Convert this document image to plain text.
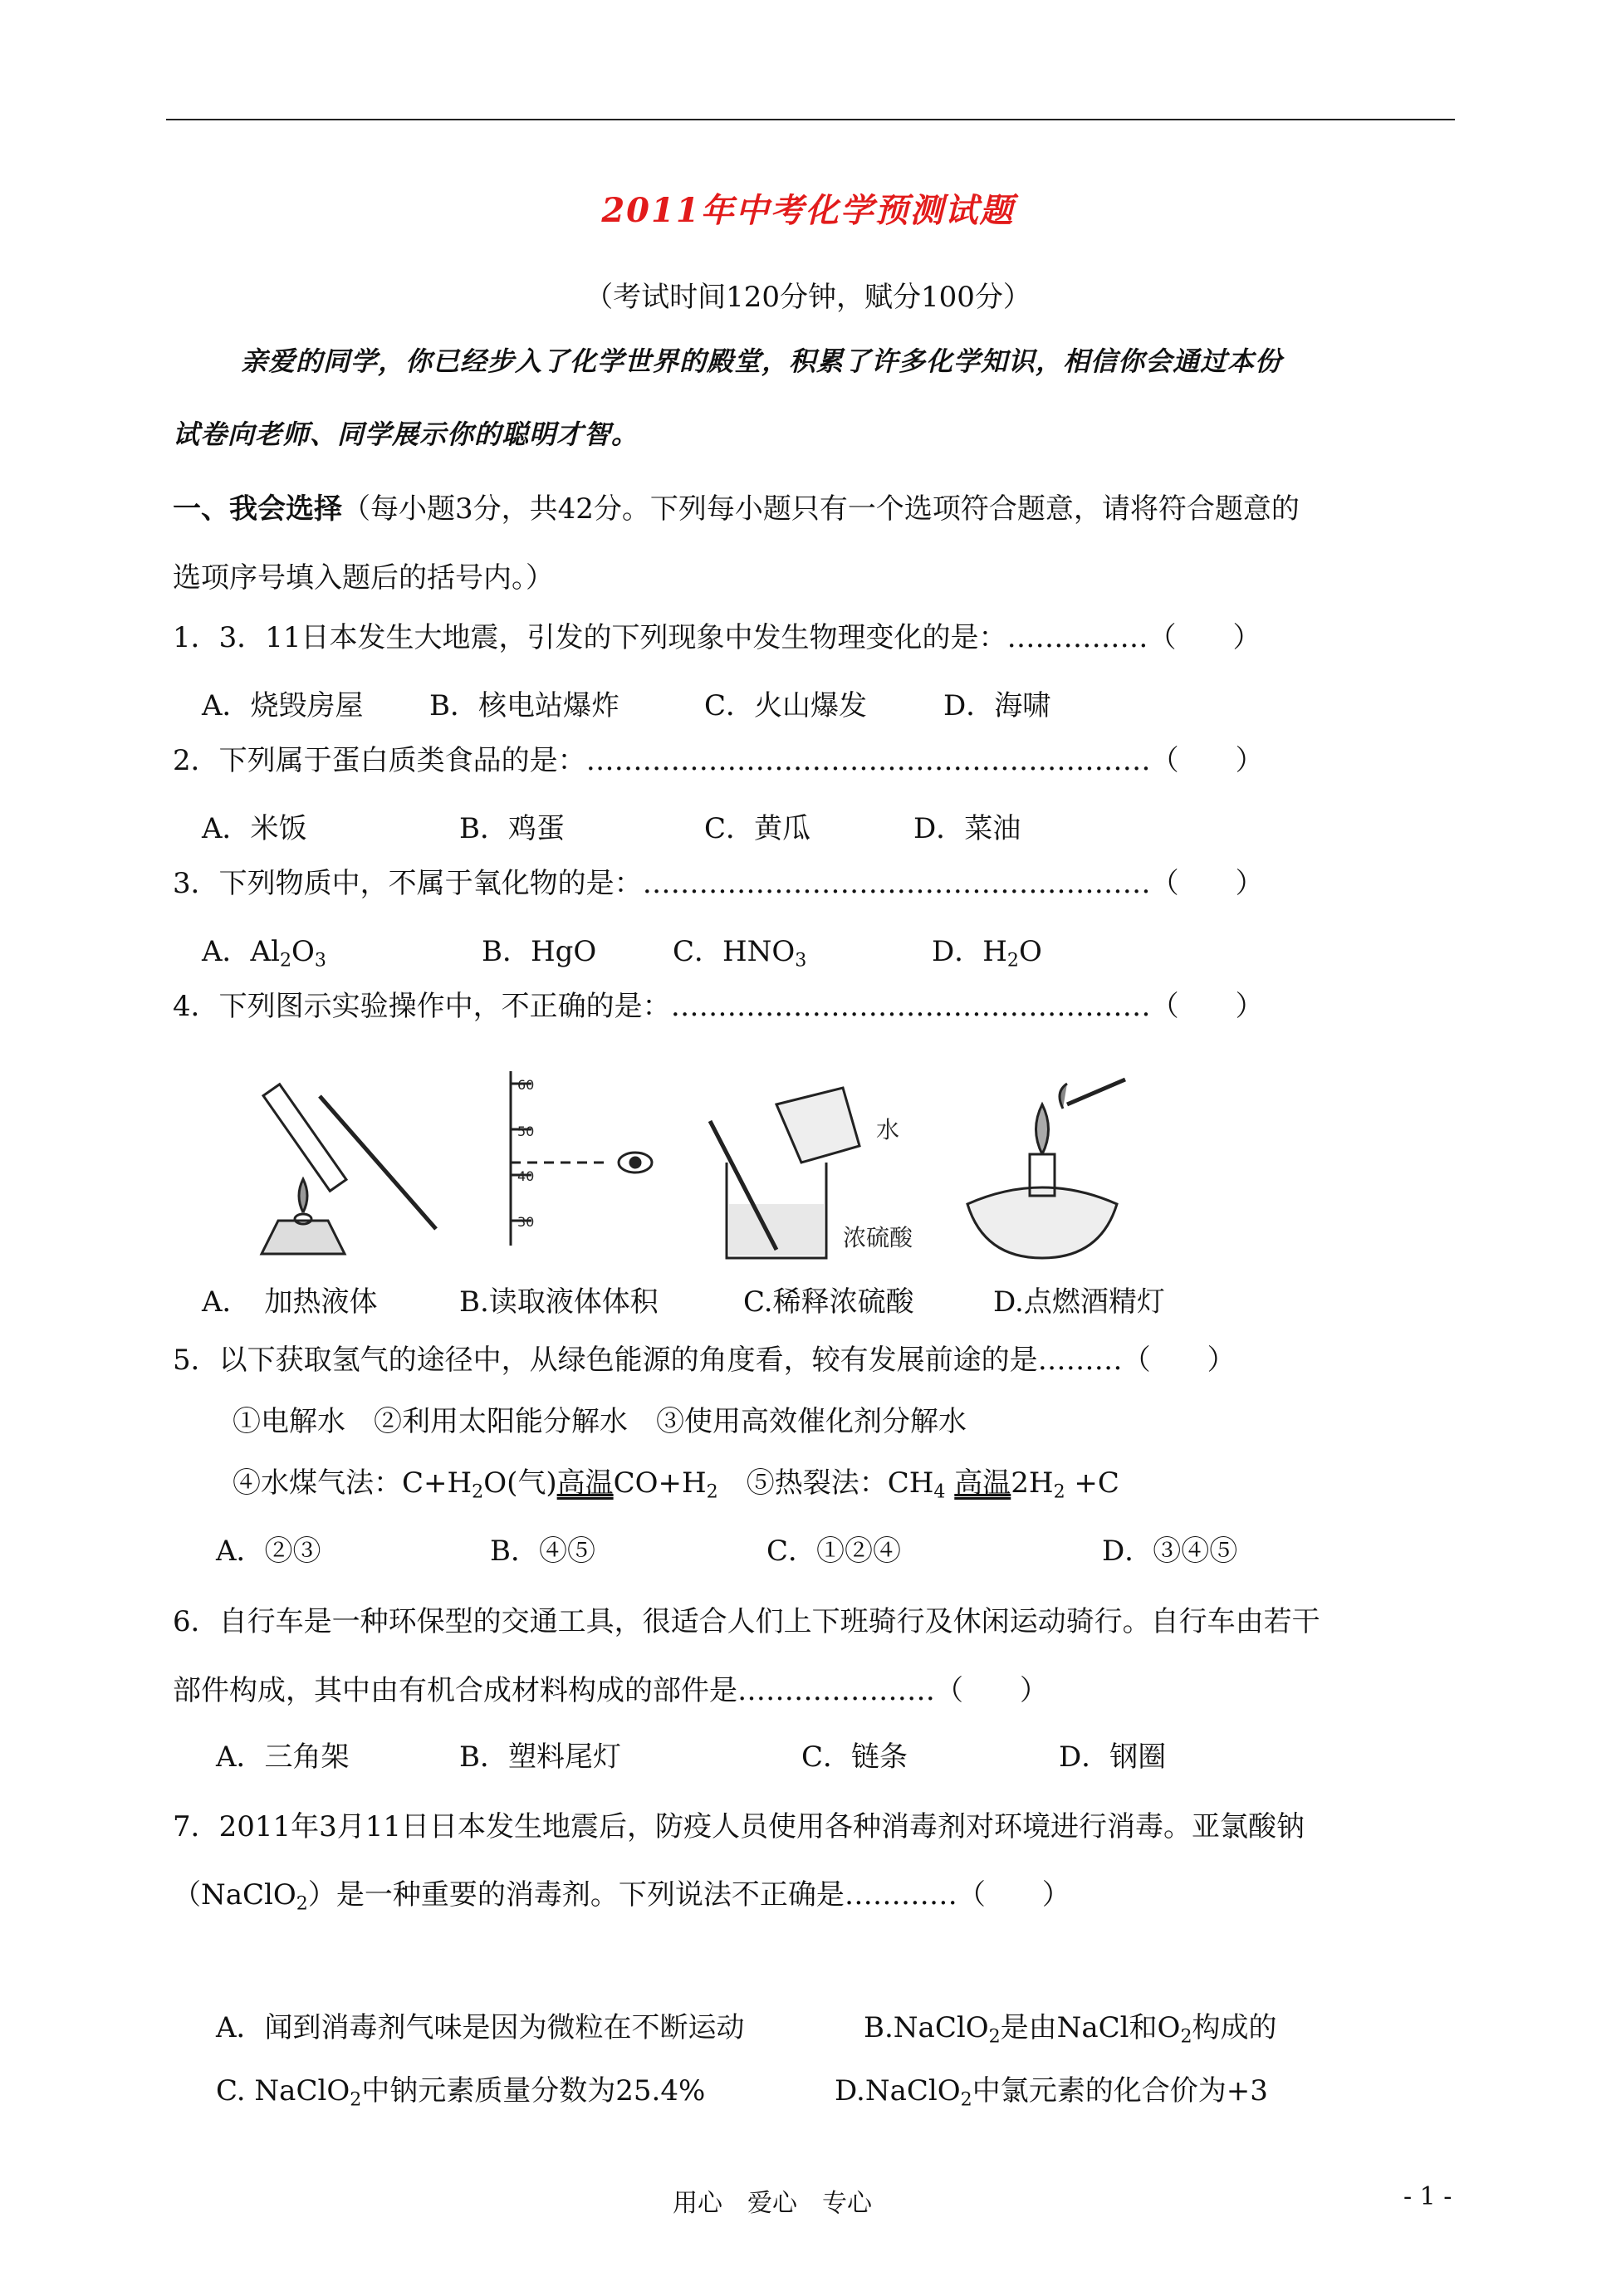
2011年中考化学预测试题
（考试时间120分钟，赋分100分）
亲爱的同学，你已经步入了化学世界的殿堂，积累了许多化学知识，相信你会通过本份
试卷向老师、同学展示你的聪明才智。
一、我会选择（每小题3分，共42分。下列每小题只有一个选项符合题意，请将符合题意的
选项序号填入题后的括号内。）
1．3．11日本发生大地震，引发的下列现象中发生物理变化的是：……………（　　）
A．烧毁房屋 B．核电站爆炸	C．火山爆发	D．海啸
2．下列属于蛋白质类食品的是：……………………………………………………（　　）
A．米饭	B．鸡蛋	C．黄瓜	D．菜油
3．下列物质中，不属于氧化物的是：………………………………………………（　　）
A．$Al_2O_3$	B．HgO	C．$HNO_3$	D．$H_2O$
4．下列图示实验操作中，不正确的是：……………………………………………（　　）
60
50
40
30
水
浓硫酸
A．　加热液体	B.读取液体体积	C.稀释浓硫酸	D.点燃酒精灯
5．以下获取氢气的途径中，从绿色能源的角度看，较有发展前途的是………（　　）
①电解水　②利用太阳能分解水　③使用高效催化剂分解水
④水煤气法：$C+H_2O$(气)高温$CO+H_2$　⑤热裂法：$CH_4$ 高温$2H_2 +C$
A．②③	B．④⑤	C．①②④	D．③④⑤
6．自行车是一种环保型的交通工具，很适合人们上下班骑行及休闲运动骑行。自行车由若干
部件构成，其中由有机合成材料构成的部件是…………………（　　）
A．三角架	B．塑料尾灯	C．链条	D．钢圈
7．2011年3月11日日本发生地震后，防疫人员使用各种消毒剂对环境进行消毒。亚氯酸钠
（NaClO$_2$）是一种重要的消毒剂。下列说法不正确是…………（　　）
A．闻到消毒剂气味是因为微粒在不断运动	B.NaClO$_2$是由NaCl和$O_2$构成的
C. NaClO$_2$中钠元素质量分数为25.4%	D.NaClO$_2$中氯元素的化合价为+3
用心　爱心　专心	- 1 -
